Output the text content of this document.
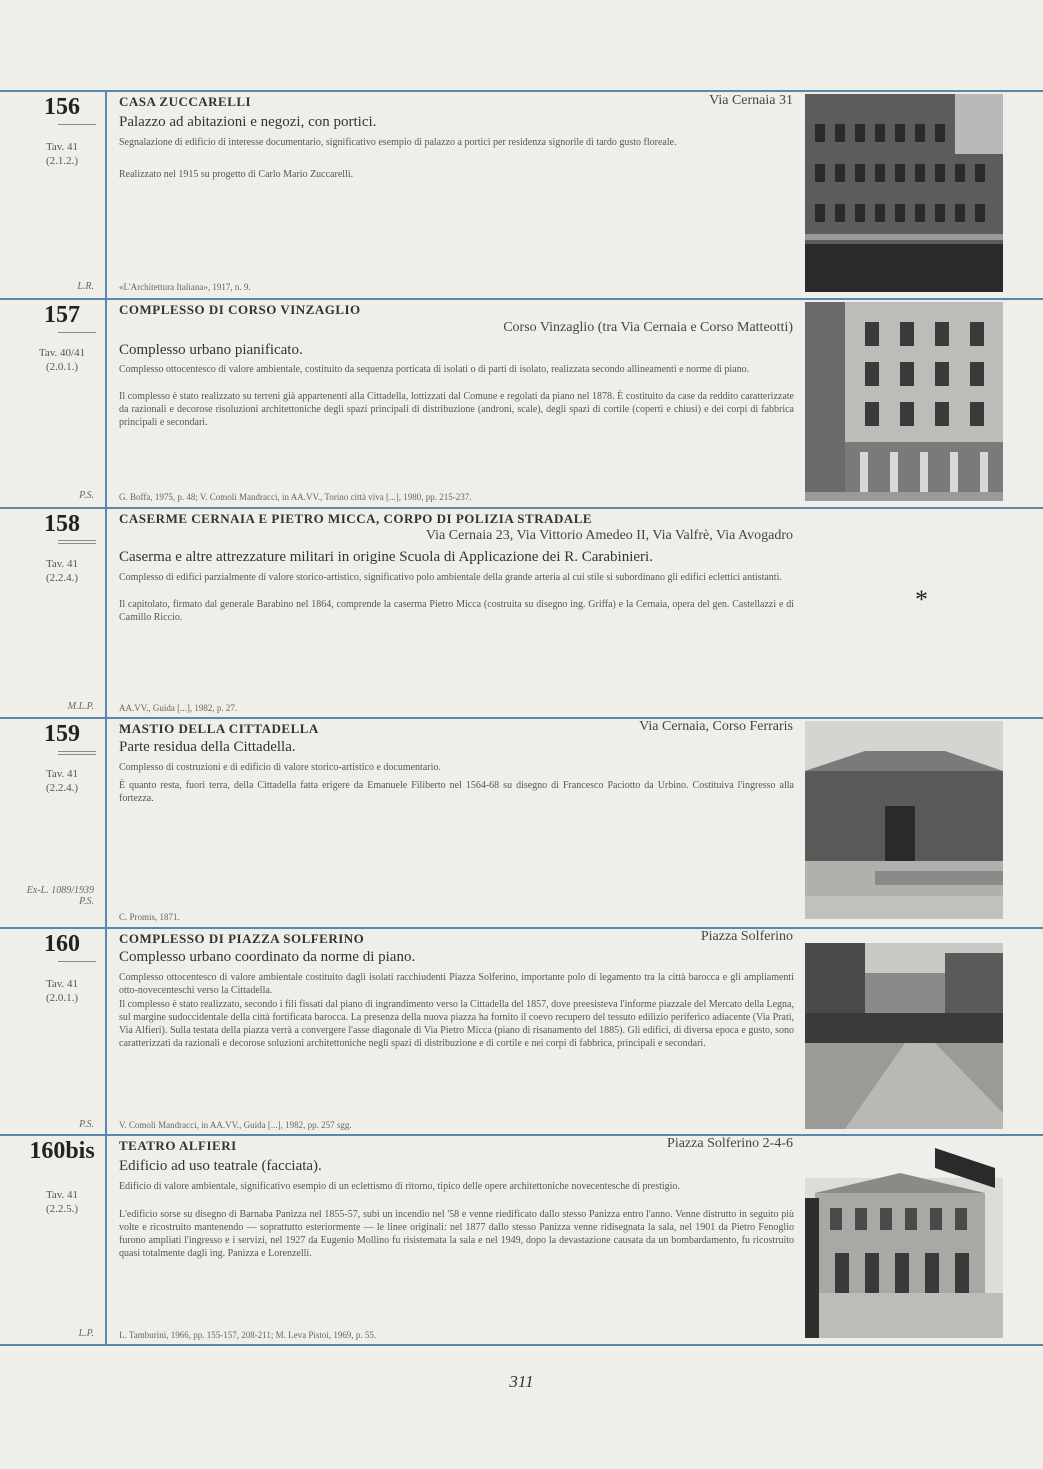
156
Tav. 41
(2.1.2.)
L.R.
CASA ZUCCARELLI	Via Cernaia 31
Palazzo ad abitazioni e negozi, con portici.
Segnalazione di edificio di interesse documentario, significativo esempio di palazzo a portici per residenza signorile di tardo gusto floreale.
Realizzato nel 1915 su progetto di Carlo Mario Zuccarelli.
«L'Architettura Italiana», 1917, n. 9.
157
Tav. 40/41
(2.0.1.)
P.S.
COMPLESSO DI CORSO VINZAGLIO
Corso Vinzaglio (tra Via Cernaia e Corso Matteotti)
Complesso urbano pianificato.
Complesso ottocentesco di valore ambientale, costituito da sequenza porticata di isolati o di parti di isolato, realizzata secondo allineamenti e norme di piano.
Il complesso è stato realizzato su terreni già appartenenti alla Cittadella, lottizzati dal Comune e regolati da piano nel 1878. È costituito da case da reddito caratterizzate da razionali e decorose risoluzioni architettoniche degli spazi principali di distribuzione (androni, scale), degli spazi di cortile (coperti e chiusi) e dei corpi di fabbrica principali e secondari.
G. Boffa, 1975, p. 48; V. Comoli Mandracci, in AA.VV., Torino città viva [...], 1980, pp. 215-237.
158
Tav. 41
(2.2.4.)
M.L.P.
CASERME CERNAIA E PIETRO MICCA, CORPO DI POLIZIA STRADALE
Via Cernaia 23, Via Vittorio Amedeo II, Via Valfrè, Via Avogadro
Caserma e altre attrezzature militari in origine Scuola di Applicazione dei R. Carabinieri.
Complesso di edifici parzialmente di valore storico-artistico, significativo polo ambientale della grande arteria al cui stile si subordinano gli edifici eclettici antistanti.
Il capitolato, firmato dal generale Barabino nel 1864, comprende la caserma Pietro Micca (costruita su disegno ing. Griffa) e la Cernaia, opera del gen. Castellazzi e di Camillo Riccio.
AA.VV., Guida [...], 1982, p. 27.
*
159
Tav. 41
(2.2.4.)
Ex-L. 1089/1939 P.S.
MASTIO DELLA CITTADELLA	Via Cernaia, Corso Ferraris
Parte residua della Cittadella.
Complesso di costruzioni e di edificio di valore storico-artistico e documentario.
È quanto resta, fuori terra, della Cittadella fatta erigere da Emanuele Filiberto nel 1564-68 su disegno di Francesco Paciotto da Urbino. Costituiva l'ingresso alla fortezza.
C. Promis, 1871.
160
Tav. 41
(2.0.1.)
P.S.
COMPLESSO DI PIAZZA SOLFERINO	Piazza Solferino
Complesso urbano coordinato da norme di piano.
Complesso ottocentesco di valore ambientale costituito dagli isolati racchiudenti Piazza Solferino, importante polo di legamento tra la città barocca e gli ampliamenti otto-novecenteschi verso la Cittadella.
Il complesso è stato realizzato, secondo i fili fissati dal piano di ingrandimento verso la Cittadella del 1857, dove preesisteva l'informe piazzale del Mercato della Legna, sul margine sudoccidentale della città fortificata barocca. La presenza della nuova piazza ha fornito il coevo recupero del tessuto edilizio periferico adiacente (Via Prati, Via Alfieri). Sulla testata della piazza verrà a convergere l'asse diagonale di Via Pietro Micca (piano di risanamento del 1885). Gli edifici, di diversa epoca e gusto, sono caratterizzati da razionali e decorose soluzioni architettoniche negli spazi di distribuzione e di cortile e nei corpi di fabbrica, principali e secondari.
V. Comoli Mandracci, in AA.VV., Guida [...], 1982, pp. 257 sgg.
160bis
Tav. 41
(2.2.5.)
L.P.
TEATRO ALFIERI	Piazza Solferino 2-4-6
Edificio ad uso teatrale (facciata).
Edificio di valore ambientale, significativo esempio di un eclettismo di ritorno, tipico delle opere architettoniche novecentesche di prestigio.
L'edificio sorse su disegno di Barnaba Panizza nel 1855-57, subì un incendio nel '58 e venne riedificato dallo stesso Panizza entro l'anno. Venne distrutto in seguito più volte e ricostruito mantenendo — soprattutto esteriormente — le linee originali: nel 1877 dallo stesso Panizza venne ridisegnata la sala, nel 1901 da Pietro Fenoglio furono ampliati l'ingresso e i servizi, nel 1927 da Eugenio Mollino fu risistemata la sala e nel 1949, dopo la devastazione causata da un bombardamento, fu ricostruito quasi totalmente dagli ing. Panizza e Lorenzelli.
L. Tamburini, 1966, pp. 155-157, 208-211; M. Leva Pistoi, 1969, p. 55.
311
